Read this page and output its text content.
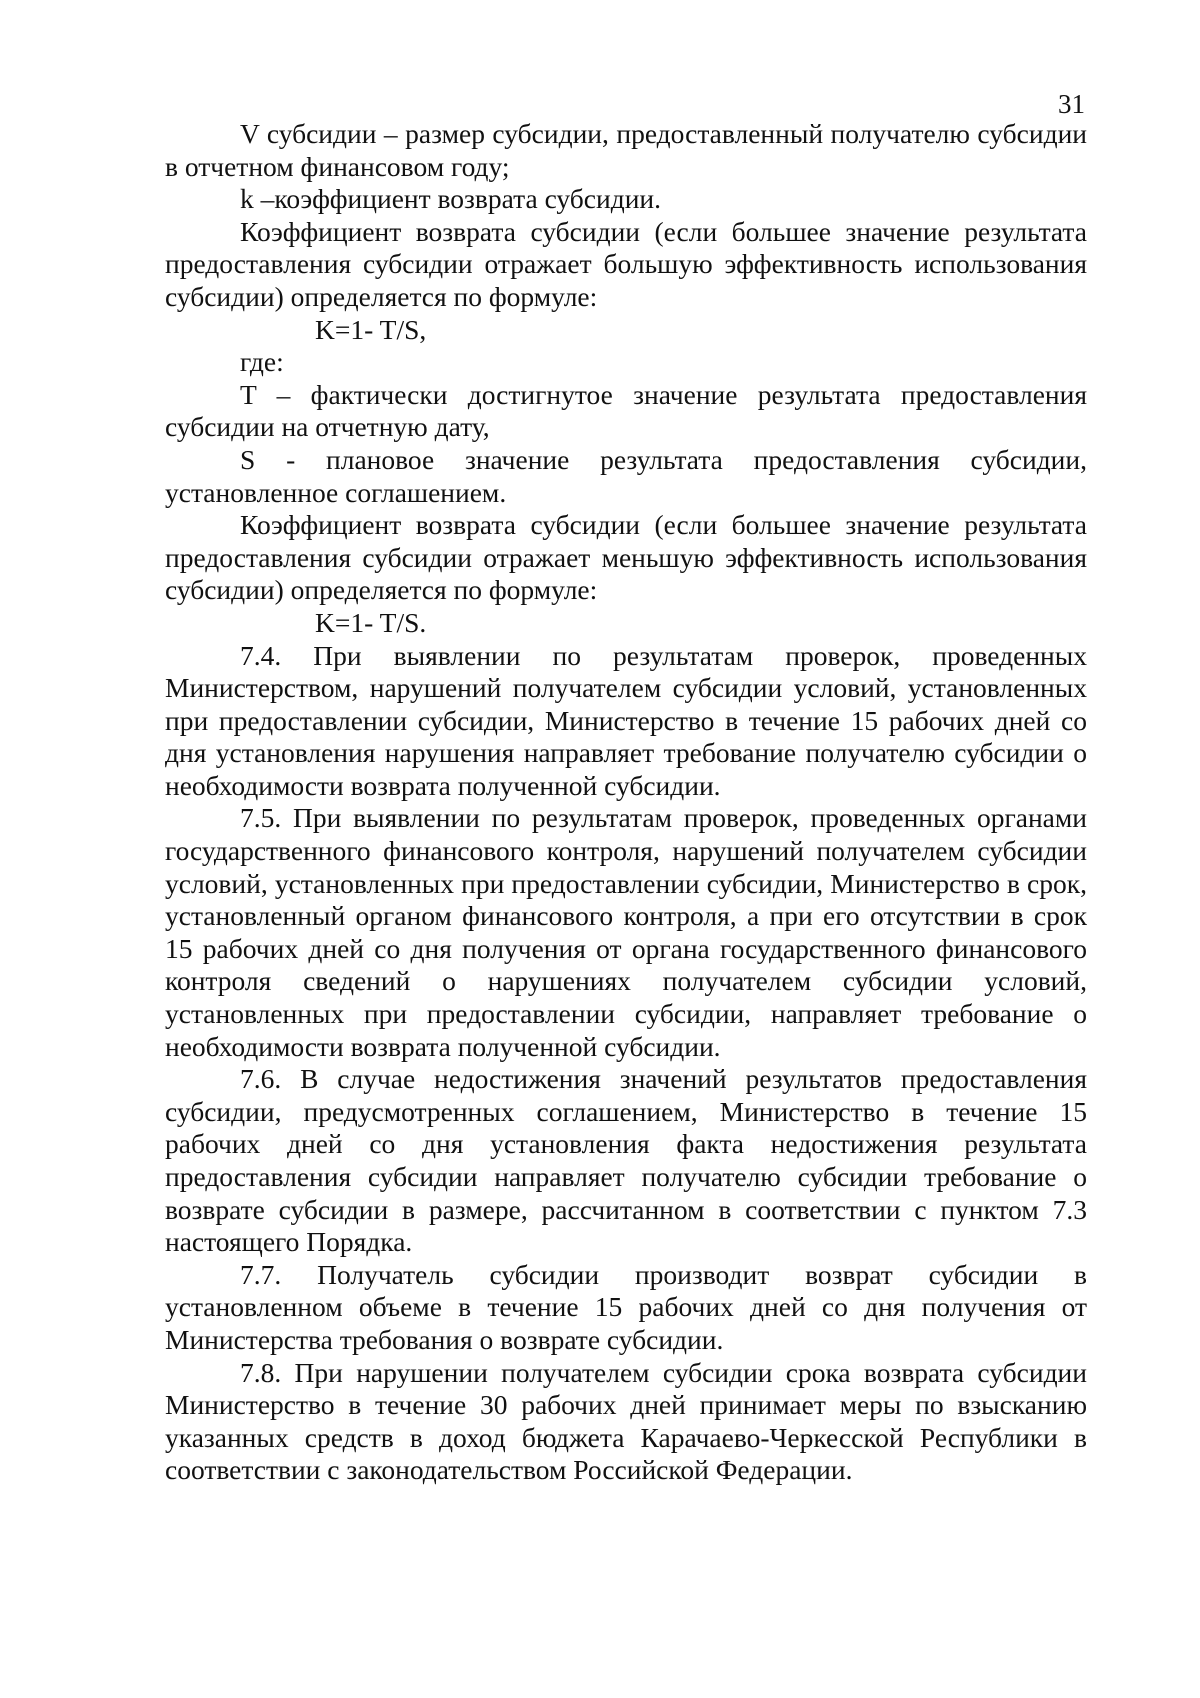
31

V субсидии – размер субсидии, предоставленный получателю субсидии в отчетном финансовом году;

k –коэффициент возврата субсидии.

Коэффициент возврата субсидии (если большее значение результата предоставления субсидии отражает большую эффективность использования субсидии) определяется по формуле:

K=1- T/S,

где:

T – фактически достигнутое значение результата предоставления субсидии на отчетную дату,

S - плановое значение результата предоставления субсидии, установленное соглашением.

Коэффициент возврата субсидии (если большее значение результата предоставления субсидии отражает меньшую эффективность использования субсидии) определяется по формуле:

K=1- T/S.

7.4. При выявлении по результатам проверок, проведенных Министерством, нарушений получателем субсидии условий, установленных при предоставлении субсидии, Министерство в течение 15 рабочих дней со дня установления нарушения направляет требование получателю субсидии о необходимости возврата полученной субсидии.

7.5. При выявлении по результатам проверок, проведенных органами государственного финансового контроля, нарушений получателем субсидии условий, установленных при предоставлении субсидии, Министерство в срок, установленный органом финансового контроля, а при его отсутствии в срок 15 рабочих дней со дня получения от органа государственного финансового контроля сведений о нарушениях получателем субсидии условий, установленных при предоставлении субсидии, направляет требование о необходимости возврата полученной субсидии.

7.6. В случае недостижения значений результатов предоставления субсидии, предусмотренных соглашением, Министерство в течение 15 рабочих дней со дня установления факта недостижения результата предоставления субсидии направляет получателю субсидии требование о возврате субсидии в размере, рассчитанном в соответствии с пунктом 7.3 настоящего Порядка.

7.7. Получатель субсидии производит возврат субсидии в установленном объеме в течение 15 рабочих дней со дня получения от Министерства требования о возврате субсидии.

7.8. При нарушении получателем субсидии срока возврата субсидии Министерство в течение 30 рабочих дней принимает меры по взысканию указанных средств в доход бюджета Карачаево-Черкесской Республики в соответствии с законодательством Российской Федерации.
